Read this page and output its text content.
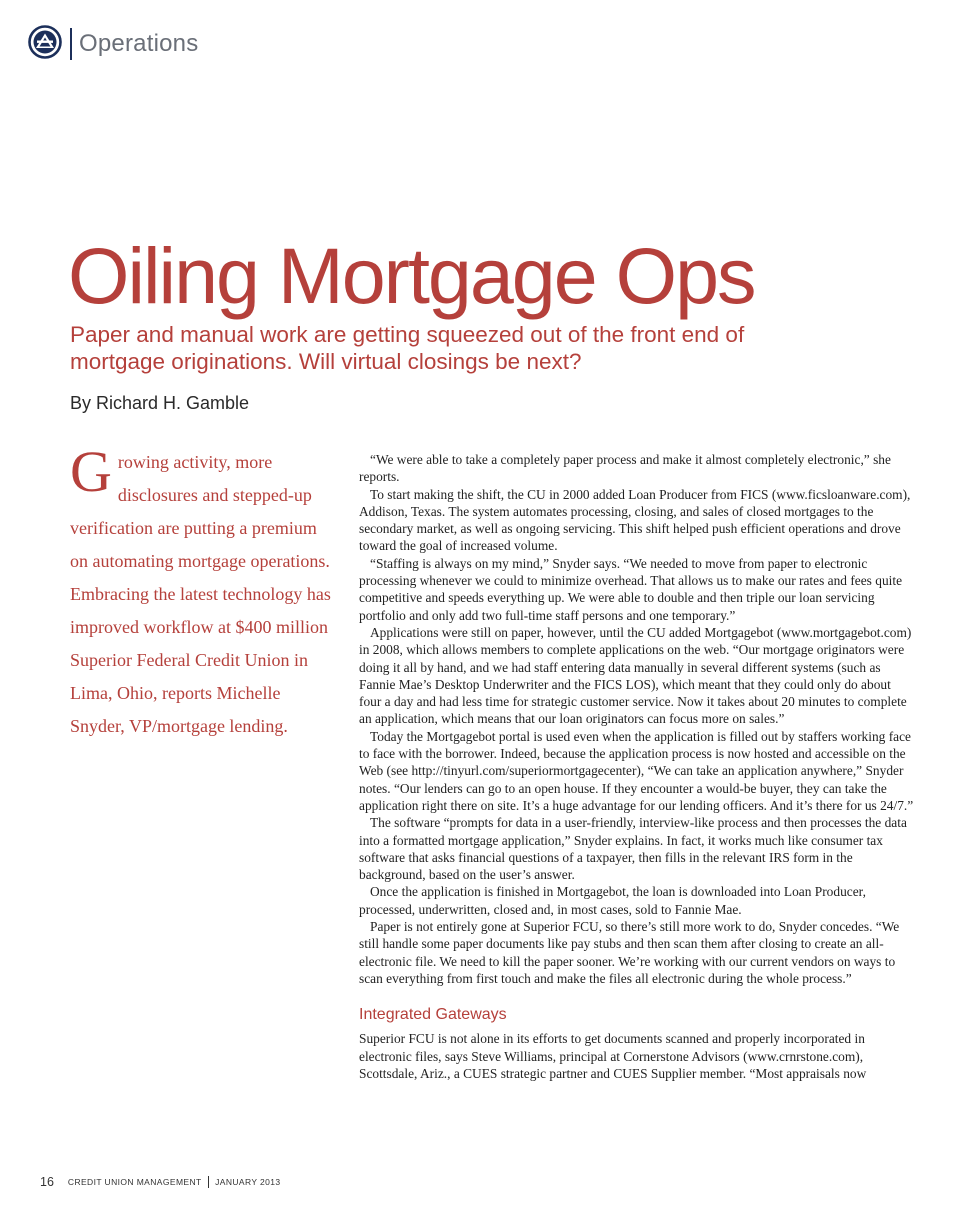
Operations
Oiling Mortgage Ops

Paper and manual work are getting squeezed out of the front end of mortgage originations. Will virtual closings be next?

By Richard H. Gamble

Growing activity, more disclosures and stepped-up verification are putting a premium on automating mortgage operations. Embracing the latest technology has improved workflow at $400 million Superior Federal Credit Union in Lima, Ohio, reports Michelle Snyder, VP/mortgage lending.

“We were able to take a completely paper process and make it almost completely electronic,” she reports.

To start making the shift, the CU in 2000 added Loan Producer from FICS (www.ficsloanware.com), Addison, Texas. The system automates processing, closing, and sales of closed mortgages to the secondary market, as well as ongoing servicing. This shift helped push efficient operations and drove toward the goal of increased volume.

“Staffing is always on my mind,” Snyder says. “We needed to move from paper to electronic processing whenever we could to minimize overhead. That allows us to make our rates and fees quite competitive and speeds everything up. We were able to double and then triple our loan servicing portfolio and only add two full-time staff persons and one temporary.”

Applications were still on paper, however, until the CU added Mortgagebot (www.mortgagebot.com) in 2008, which allows members to complete applications on the web. “Our mortgage originators were doing it all by hand, and we had staff entering data manually in several different systems (such as Fannie Mae’s Desktop Underwriter and the FICS LOS), which meant that they could only do about four a day and had less time for strategic customer service. Now it takes about 20 minutes to complete an application, which means that our loan originators can focus more on sales.”

Today the Mortgagebot portal is used even when the application is filled out by staffers working face to face with the borrower. Indeed, because the application process is now hosted and accessible on the Web (see http://tinyurl.com/superiormortgagecenter), “We can take an application anywhere,” Snyder notes. “Our lenders can go to an open house. If they encounter a would-be buyer, they can take the application right there on site. It’s a huge advantage for our lending officers. And it’s there for us 24/7.”

The software “prompts for data in a user-friendly, interview-like process and then processes the data into a formatted mortgage application,” Snyder explains. In fact, it works much like consumer tax software that asks financial questions of a taxpayer, then fills in the relevant IRS form in the background, based on the user’s answer.

Once the application is finished in Mortgagebot, the loan is downloaded into Loan Producer, processed, underwritten, closed and, in most cases, sold to Fannie Mae.

Paper is not entirely gone at Superior FCU, so there’s still more work to do, Snyder concedes. “We still handle some paper documents like pay stubs and then scan them after closing to create an all-electronic file. We need to kill the paper sooner. We’re working with our current vendors on ways to scan everything from first touch and make the files all electronic during the whole process.”

Integrated Gateways

Superior FCU is not alone in its efforts to get documents scanned and properly incorporated in electronic files, says Steve Williams, principal at Cornerstone Advisors (www.crnrstone.com), Scottsdale, Ariz., a CUES strategic partner and CUES Supplier member. “Most appraisals now

16 CREDIT UNION MANAGEMENT JANUARY 2013
